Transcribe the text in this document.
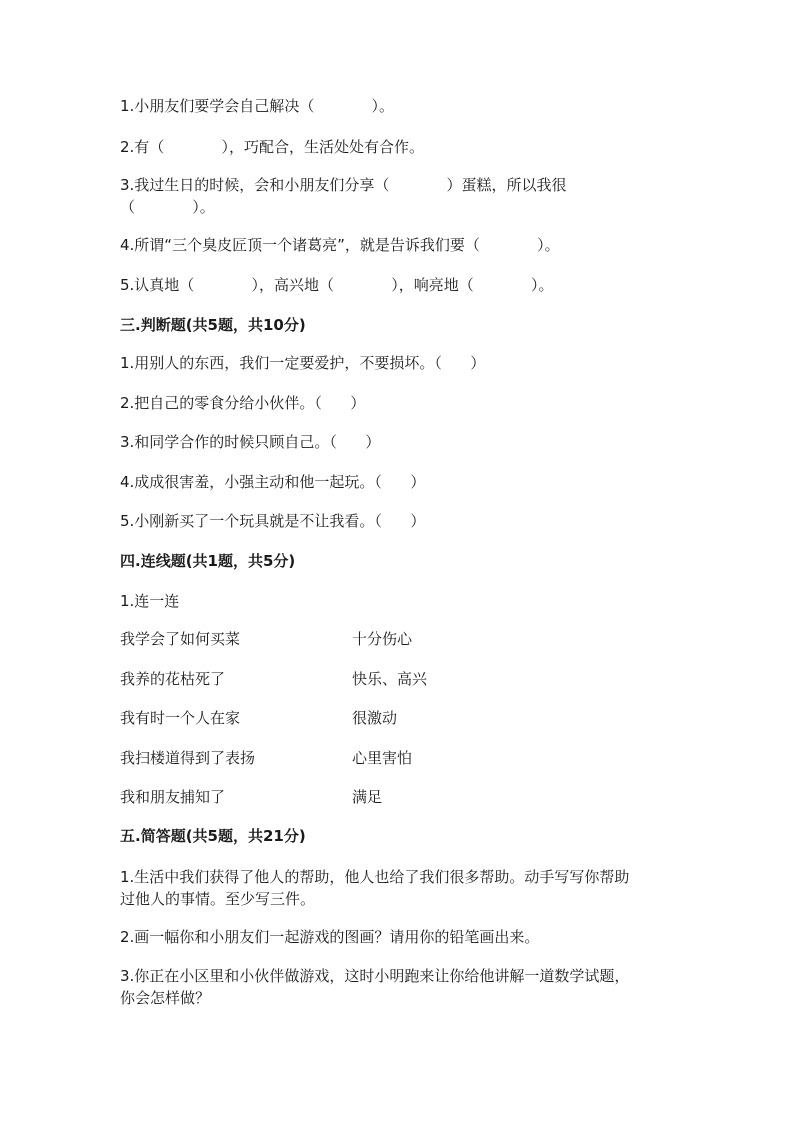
1.小朋友们要学会自己解决（            ）。

2.有（            ），巧配合，生活处处有合作。

3.我过生日的时候，会和小朋友们分享（            ）蛋糕，所以我很

（            ）。

4.所谓“三个臭皮匠顶一个诸葛亮”，就是告诉我们要（            ）。

5.认真地（            ），高兴地（            ），响亮地（            ）。

三.判断题(共5题，共10分)

1.用别人的东西，我们一定要爱护，不要损坏。（      ）

2.把自己的零食分给小伙伴。（      ）

3.和同学合作的时候只顾自己。（      ）

4.成成很害羞，小强主动和他一起玩。（      ）

5.小刚新买了一个玩具就是不让我看。（      ）

四.连线题(共1题，共5分)

1.连一连

我学会了如何买菜	十分伤心
我养的花枯死了	快乐、高兴
我有时一个人在家	很激动
我扫楼道得到了表扬	心里害怕
我和朋友捕知了	满足

五.简答题(共5题，共21分)

1.生活中我们获得了他人的帮助，他人也给了我们很多帮助。动手写写你帮助

过他人的事情。至少写三件。

2.画一幅你和小朋友们一起游戏的图画？请用你的铅笔画出来。

3.你正在小区里和小伙伴做游戏，这时小明跑来让你给他讲解一道数学试题，

你会怎样做？
